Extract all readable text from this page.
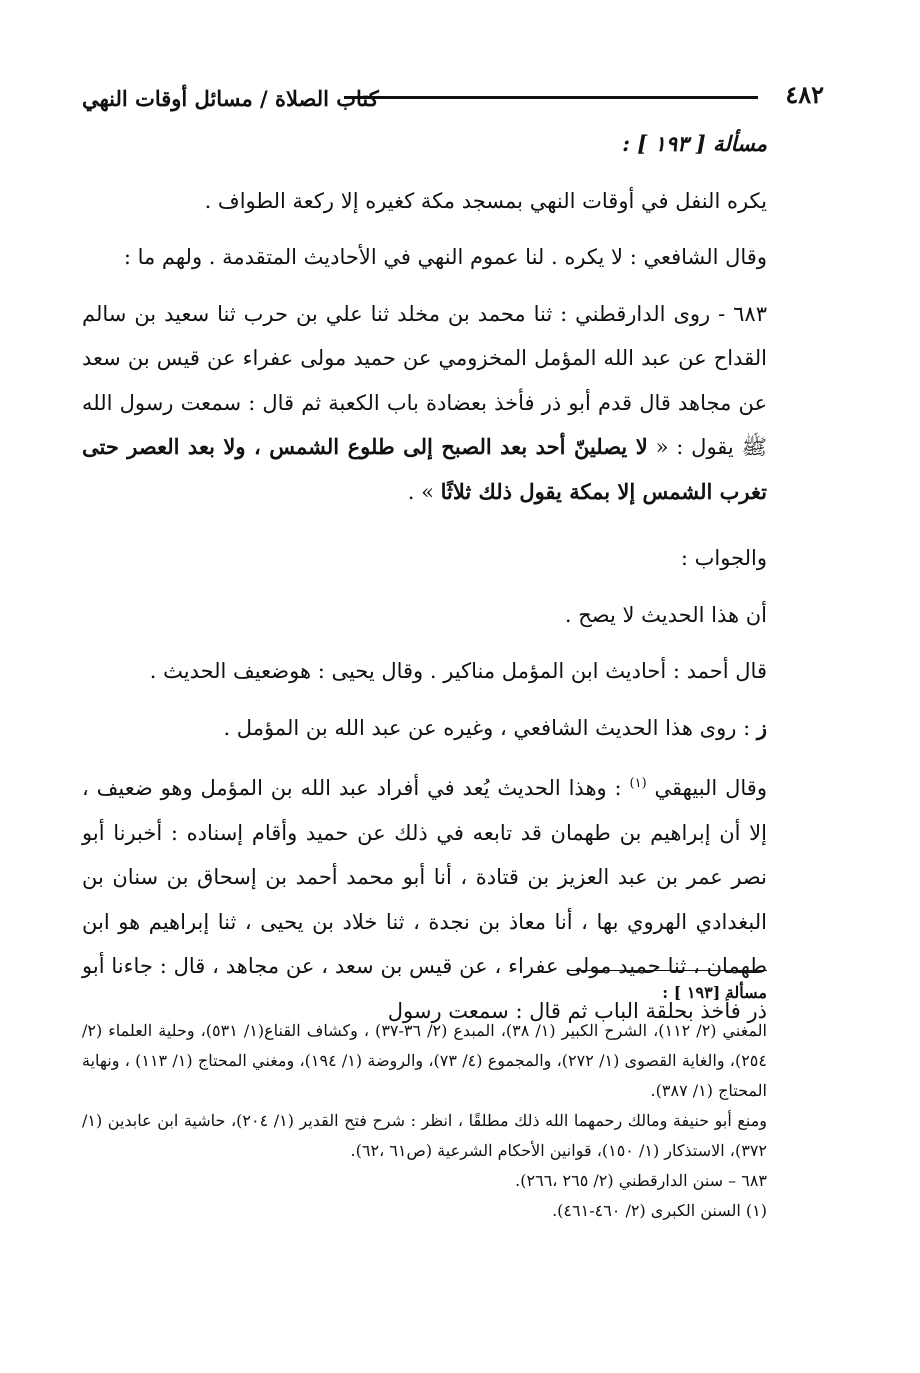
٤٨٢
كتاب الصلاة / مسائل أوقات النهي

مسألة [ ١٩٣ ] :

يكره النفل في أوقات النهي بمسجد مكة كغيره إلا ركعة الطواف .

وقال الشافعي : لا يكره . لنا عموم النهي في الأحاديث المتقدمة . ولهم ما :

٦٨٣ - روى الدارقطني : ثنا محمد بن مخلد ثنا علي بن حرب ثنا سعيد بن سالم القداح عن عبد الله المؤمل المخزومي عن حميد مولى عفراء عن قيس بن سعد عن مجاهد قال قدم أبو ذر فأخذ بعضادة باب الكعبة ثم قال : سمعت رسول الله ﷺ يقول : « لا يصلينّ أحد بعد الصبح إلى طلوع الشمس ، ولا بعد العصر حتى تغرب الشمس إلا بمكة يقول ذلك ثلاثًا » .

والجواب :

أن هذا الحديث لا يصح .

قال أحمد : أحاديث ابن المؤمل مناكير . وقال يحيى : هوضعيف الحديث .

ز : روى هذا الحديث الشافعي ، وغيره عن عبد الله بن المؤمل .

وقال البيهقي $^{(١)}$ : وهذا الحديث يُعد في أفراد عبد الله بن المؤمل وهو ضعيف ، إلا أن إبراهيم بن طهمان قد تابعه في ذلك عن حميد وأقام إسناده : أخبرنا أبو نصر عمر بن عبد العزيز بن قتادة ، أنا أبو محمد أحمد بن إسحاق بن سنان بن البغدادي الهروي بها ، أنا معاذ بن نجدة ، ثنا خلاد بن يحيى ، ثنا إبراهيم هو ابن طهمان ، ثنا حميد مولى عفراء ، عن قيس بن سعد ، عن مجاهد ، قال : جاءنا أبو ذر فأخذ بحلقة الباب ثم قال : سمعت رسول

مسألة [١٩٣ ] :

المغني (٢/ ١١٢)، الشرح الكبير (١/ ٣٨)، المبدع (٢/ ٣٦-٣٧) ، وكشاف القناع(١/ ٥٣١)، وحلية العلماء (٢/ ٢٥٤)، والغاية القصوى (١/ ٢٧٢)، والمجموع (٤/ ٧٣)، والروضة (١/ ١٩٤)، ومغني المحتاج (١/ ١١٣) ، ونهاية المحتاج (١/ ٣٨٧).

ومنع أبو حنيفة ومالك رحمهما الله ذلك مطلقًا ، انظر : شرح فتح القدير (١/ ٢٠٤)، حاشية ابن عابدين (١/ ٣٧٢)، الاستذكار (١/ ١٥٠)، قوانين الأحكام الشرعية (ص٦١ ،٦٢).

٦٨٣ – سنن الدارقطني (٢/ ٢٦٥ ،٢٦٦).

(١) السنن الكبرى (٢/ ٤٦٠-٤٦١).
